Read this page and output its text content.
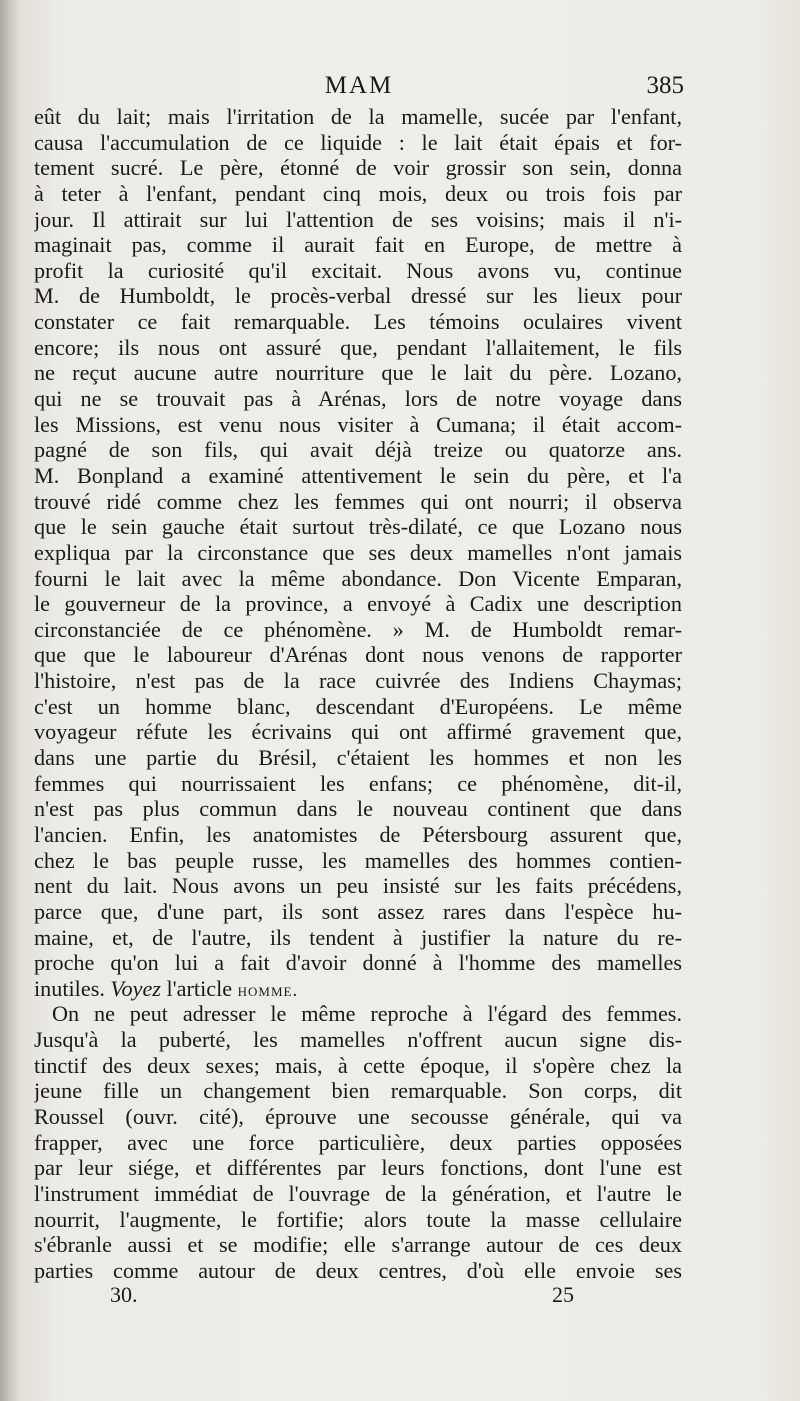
MAM	385
eût du lait; mais l'irritation de la mamelle, sucée par l'enfant,
causa l'accumulation de ce liquide : le lait était épais et for-
tement sucré. Le père, étonné de voir grossir son sein, donna
à teter à l'enfant, pendant cinq mois, deux ou trois fois par
jour. Il attirait sur lui l'attention de ses voisins; mais il n'i-
maginait pas, comme il aurait fait en Europe, de mettre à
profit la curiosité qu'il excitait. Nous avons vu, continue
M. de Humboldt, le procès-verbal dressé sur les lieux pour
constater ce fait remarquable. Les témoins oculaires vivent
encore; ils nous ont assuré que, pendant l'allaitement, le fils
ne reçut aucune autre nourriture que le lait du père. Lozano,
qui ne se trouvait pas à Arénas, lors de notre voyage dans
les Missions, est venu nous visiter à Cumana; il était accom-
pagné de son fils, qui avait déjà treize ou quatorze ans.
M. Bonpland a examiné attentivement le sein du père, et l'a
trouvé ridé comme chez les femmes qui ont nourri; il observa
que le sein gauche était surtout très-dilaté, ce que Lozano nous
expliqua par la circonstance que ses deux mamelles n'ont jamais
fourni le lait avec la même abondance. Don Vicente Emparan,
le gouverneur de la province, a envoyé à Cadix une description
circonstanciée de ce phénomène. » M. de Humboldt remar-
que que le laboureur d'Arénas dont nous venons de rapporter
l'histoire, n'est pas de la race cuivrée des Indiens Chaymas;
c'est un homme blanc, descendant d'Européens. Le même
voyageur réfute les écrivains qui ont affirmé gravement que,
dans une partie du Brésil, c'étaient les hommes et non les
femmes qui nourrissaient les enfans; ce phénomène, dit-il,
n'est pas plus commun dans le nouveau continent que dans
l'ancien. Enfin, les anatomistes de Pétersbourg assurent que,
chez le bas peuple russe, les mamelles des hommes contien-
nent du lait. Nous avons un peu insisté sur les faits précédens,
parce que, d'une part, ils sont assez rares dans l'espèce hu-
maine, et, de l'autre, ils tendent à justifier la nature du re-
proche qu'on lui a fait d'avoir donné à l'homme des mamelles
inutiles. Voyez l'article homme.
On ne peut adresser le même reproche à l'égard des femmes.
Jusqu'à la puberté, les mamelles n'offrent aucun signe dis-
tinctif des deux sexes; mais, à cette époque, il s'opère chez la
jeune fille un changement bien remarquable. Son corps, dit
Roussel (ouvr. cité), éprouve une secousse générale, qui va
frapper, avec une force particulière, deux parties opposées
par leur siége, et différentes par leurs fonctions, dont l'une est
l'instrument immédiat de l'ouvrage de la génération, et l'autre le
nourrit, l'augmente, le fortifie; alors toute la masse cellulaire
s'ébranle aussi et se modifie; elle s'arrange autour de ces deux
parties comme autour de deux centres, d'où elle envoie ses
30.	25
